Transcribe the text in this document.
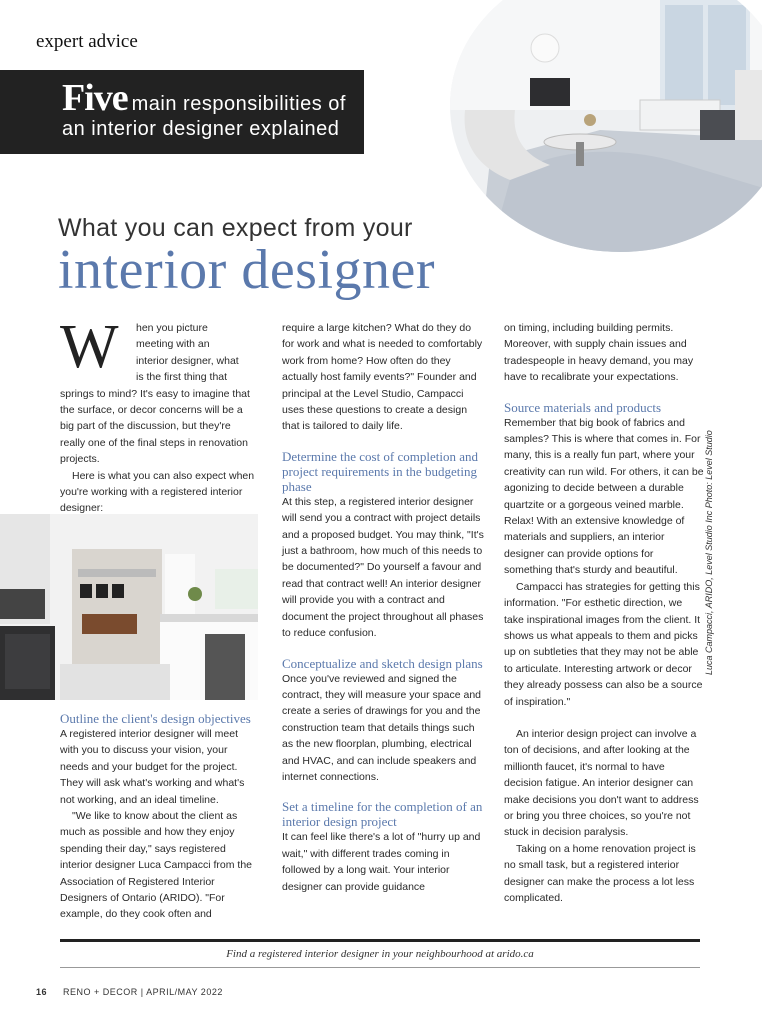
expert advice
Five main responsibilities of
an interior designer explained
What you can expect from your
interior designer
W hen you picture

meeting with an

interior designer, what

is the first thing that

springs to mind? It's easy to imagine that the surface, or decor concerns will be a big part of the discussion, but they're really one of the final steps in renovation projects.

Here is what you can also expect when you're working with a registered interior designer:

Outline the client's design objectives

A registered interior designer will meet with you to discuss your vision, your needs and your budget for the project. They will ask what's working and what's not working, and an ideal timeline.

"We like to know about the client as much as possible and how they enjoy spending their day," says registered interior designer Luca Campacci from the Association of Registered Interior Designers of Ontario (ARIDO). "For example, do they cook often and

require a large kitchen? What do they do for work and what is needed to comfortably work from home? How often do they actually host family events?" Founder and principal at the Level Studio, Campacci uses these questions to create a design that is tailored to daily life.

Determine the cost of completion and project requirements in the budgeting phase

At this step, a registered interior designer will send you a contract with project details and a proposed budget. You may think, "It's just a bathroom, how much of this needs to be documented?" Do yourself a favour and read that contract well! An interior designer will provide you with a contract and document the project throughout all phases to reduce confusion.

Conceptualize and sketch design plans

Once you've reviewed and signed the contract, they will measure your space and create a series of drawings for you and the construction team that details things such as the new floorplan, plumbing, electrical and HVAC, and can include speakers and internet connections.

Set a timeline for the completion of an interior design project

It can feel like there's a lot of "hurry up and wait," with different trades coming in followed by a long wait. Your interior designer can provide guidance

on timing, including building permits. Moreover, with supply chain issues and tradespeople in heavy demand, you may have to recalibrate your expectations.

Source materials and products

Remember that big book of fabrics and samples? This is where that comes in. For many, this is a really fun part, where your creativity can run wild. For others, it can be agonizing to decide between a durable quartzite or a gorgeous veined marble. Relax! With an extensive knowledge of materials and suppliers, an interior designer can provide options for something that's sturdy and beautiful.

Campacci has strategies for getting this information. "For esthetic direction, we take inspirational images from the client. It shows us what appeals to them and picks up on subtleties that they may not be able to articulate. Interesting artwork or decor they already possess can also be a source of inspiration."

An interior design project can involve a ton of decisions, and after looking at the millionth faucet, it's normal to have decision fatigue. An interior designer can make decisions you don't want to address or bring you three choices, so you're not stuck in decision paralysis.

Taking on a home renovation project is no small task, but a registered interior designer can make the process a lot less complicated.

Luca Campacci, ARIDO, Level Studio Inc Photo: Level Studio
Find a registered interior designer in your neighbourhood at arido.ca
16 RENO + DECOR | APRIL/MAY 2022
